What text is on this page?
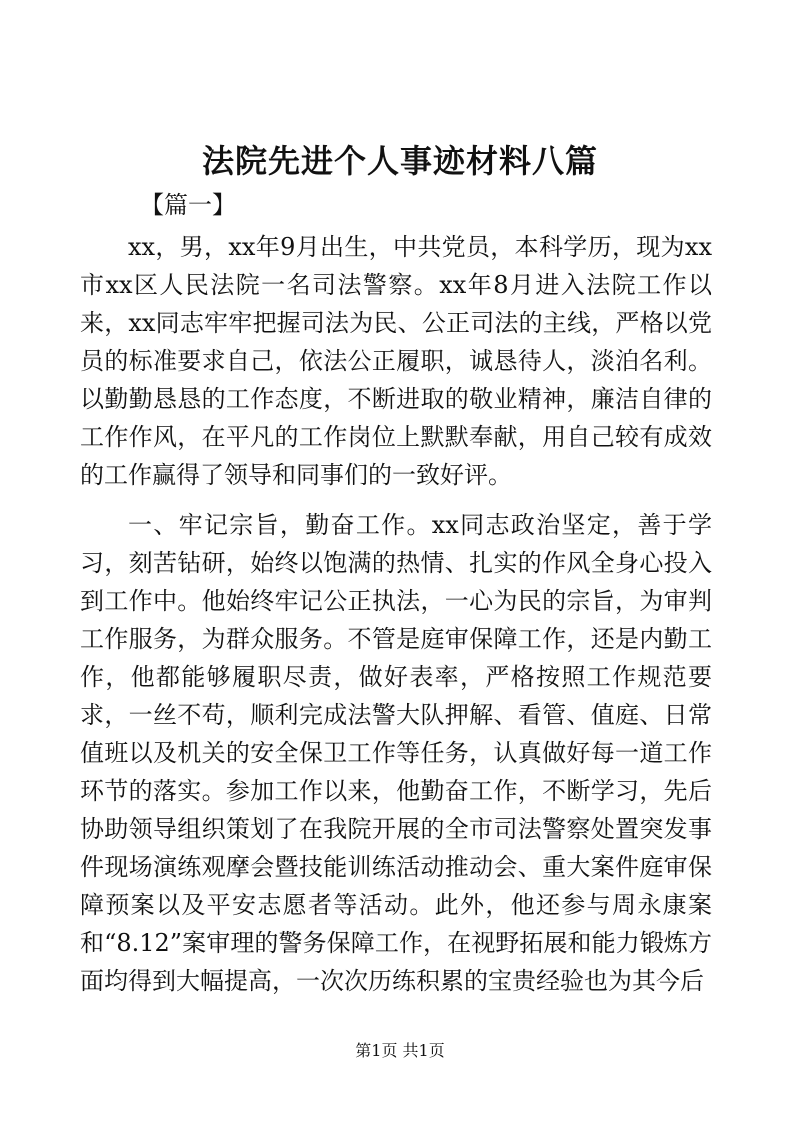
法院先进个人事迹材料八篇
【篇一】

xx，男，xx年9月出生，中共党员，本科学历，现为xx市xx区人民法院一名司法警察。xx年8月进入法院工作以来，xx同志牢牢把握司法为民、公正司法的主线，严格以党员的标准要求自己，依法公正履职，诚恳待人，淡泊名利。以勤勤恳恳的工作态度，不断进取的敬业精神，廉洁自律的工作作风，在平凡的工作岗位上默默奉献，用自己较有成效的工作赢得了领导和同事们的一致好评。

一、牢记宗旨，勤奋工作。xx同志政治坚定，善于学习，刻苦钻研，始终以饱满的热情、扎实的作风全身心投入到工作中。他始终牢记公正执法，一心为民的宗旨，为审判工作服务，为群众服务。不管是庭审保障工作，还是内勤工作，他都能够履职尽责，做好表率，严格按照工作规范要求，一丝不苟，顺利完成法警大队押解、看管、值庭、日常值班以及机关的安全保卫工作等任务，认真做好每一道工作环节的落实。参加工作以来，他勤奋工作，不断学习，先后协助领导组织策划了在我院开展的全市司法警察处置突发事件现场演练观摩会暨技能训练活动推动会、重大案件庭审保障预案以及平安志愿者等活动。此外，他还参与周永康案和“8.12”案审理的警务保障工作，在视野拓展和能力锻炼方面均得到大幅提高，一次次历练积累的宝贵经验也为其今后

第1页 共1页
